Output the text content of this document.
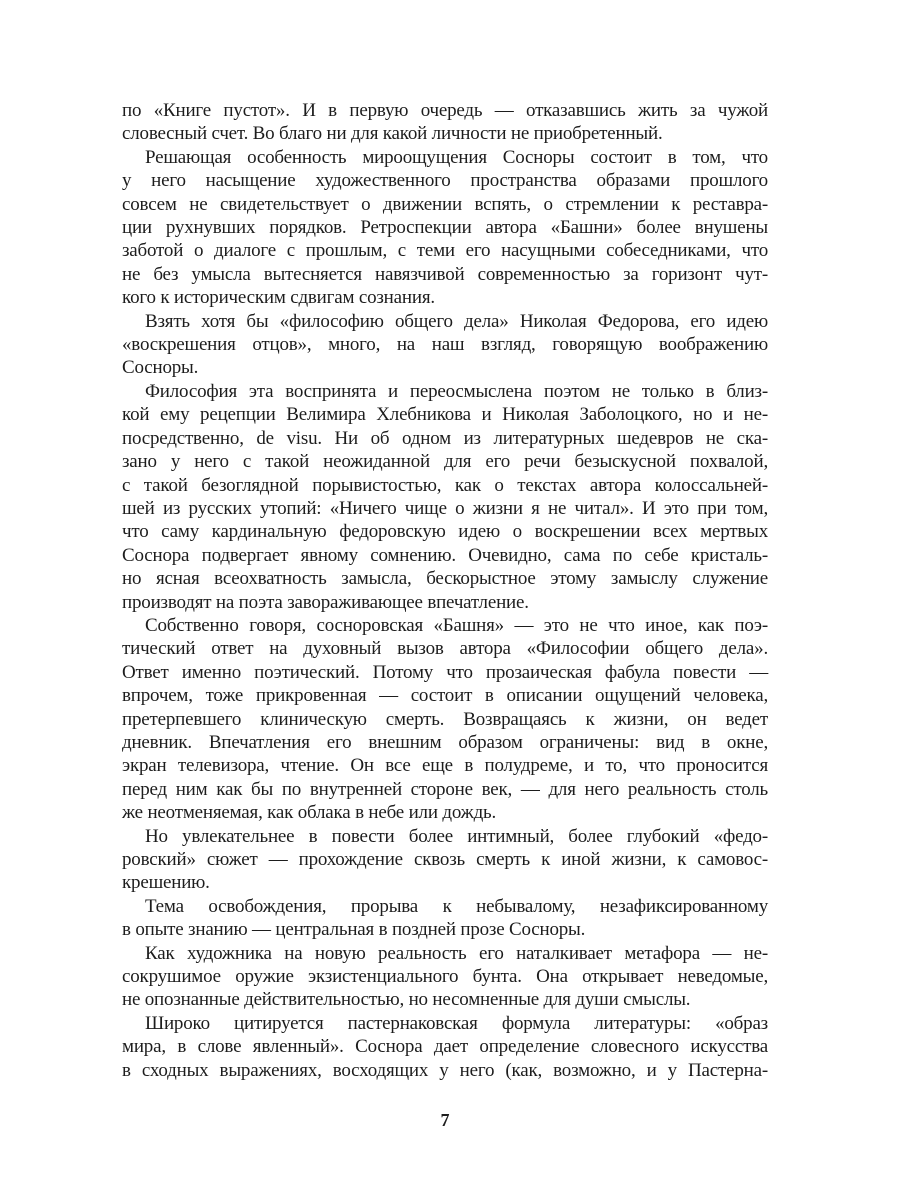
по «Книге пустот». И в первую очередь — отказавшись жить за чужой
словесный счет. Во благо ни для какой личности не приобретенный.
Решающая особенность мироощущения Сосноры состоит в том, что
у него насыщение художественного пространства образами прошлого
совсем не свидетельствует о движении вспять, о стремлении к реставра-
ции рухнувших порядков. Ретроспекции автора «Башни» более внушены
заботой о диалоге с прошлым, с теми его насущными собеседниками, что
не без умысла вытесняется навязчивой современностью за горизонт чут-
кого к историческим сдвигам сознания.
Взять хотя бы «философию общего дела» Николая Федорова, его идею
«воскрешения отцов», много, на наш взгляд, говорящую воображению
Сосноры.
Философия эта воспринята и переосмыслена поэтом не только в близ-
кой ему рецепции Велимира Хлебникова и Николая Заболоцкого, но и не-
посредственно, de visu. Ни об одном из литературных шедевров не ска-
зано у него с такой неожиданной для его речи безыскусной похвалой,
с такой безоглядной порывистостью, как о текстах автора колоссальней-
шей из русских утопий: «Ничего чище о жизни я не читал». И это при том,
что саму кардинальную федоровскую идею о воскрешении всех мертвых
Соснора подвергает явному сомнению. Очевидно, сама по себе кристаль-
но ясная всеохватность замысла, бескорыстное этому замыслу служение
производят на поэта завораживающее впечатление.
Собственно говоря, сосноровская «Башня» — это не что иное, как поэ-
тический ответ на духовный вызов автора «Философии общего дела».
Ответ именно поэтический. Потому что прозаическая фабула повести —
впрочем, тоже прикровенная — состоит в описании ощущений человека,
претерпевшего клиническую смерть. Возвращаясь к жизни, он ведет
дневник. Впечатления его внешним образом ограничены: вид в окне,
экран телевизора, чтение. Он все еще в полудреме, и то, что проносится
перед ним как бы по внутренней стороне век, — для него реальность столь
же неотменяемая, как облака в небе или дождь.
Но увлекательнее в повести более интимный, более глубокий «федо-
ровский» сюжет — прохождение сквозь смерть к иной жизни, к самовос-
крешению.
Тема освобождения, прорыва к небывалому, незафиксированному
в опыте знанию — центральная в поздней прозе Сосноры.
Как художника на новую реальность его наталкивает метафора — не-
сокрушимое оружие экзистенциального бунта. Она открывает неведомые,
не опознанные действительностью, но несомненные для души смыслы.
Широко цитируется пастернаковская формула литературы: «образ
мира, в слове явленный». Соснора дает определение словесного искусства
в сходных выражениях, восходящих у него (как, возможно, и у Пастерна-
7
